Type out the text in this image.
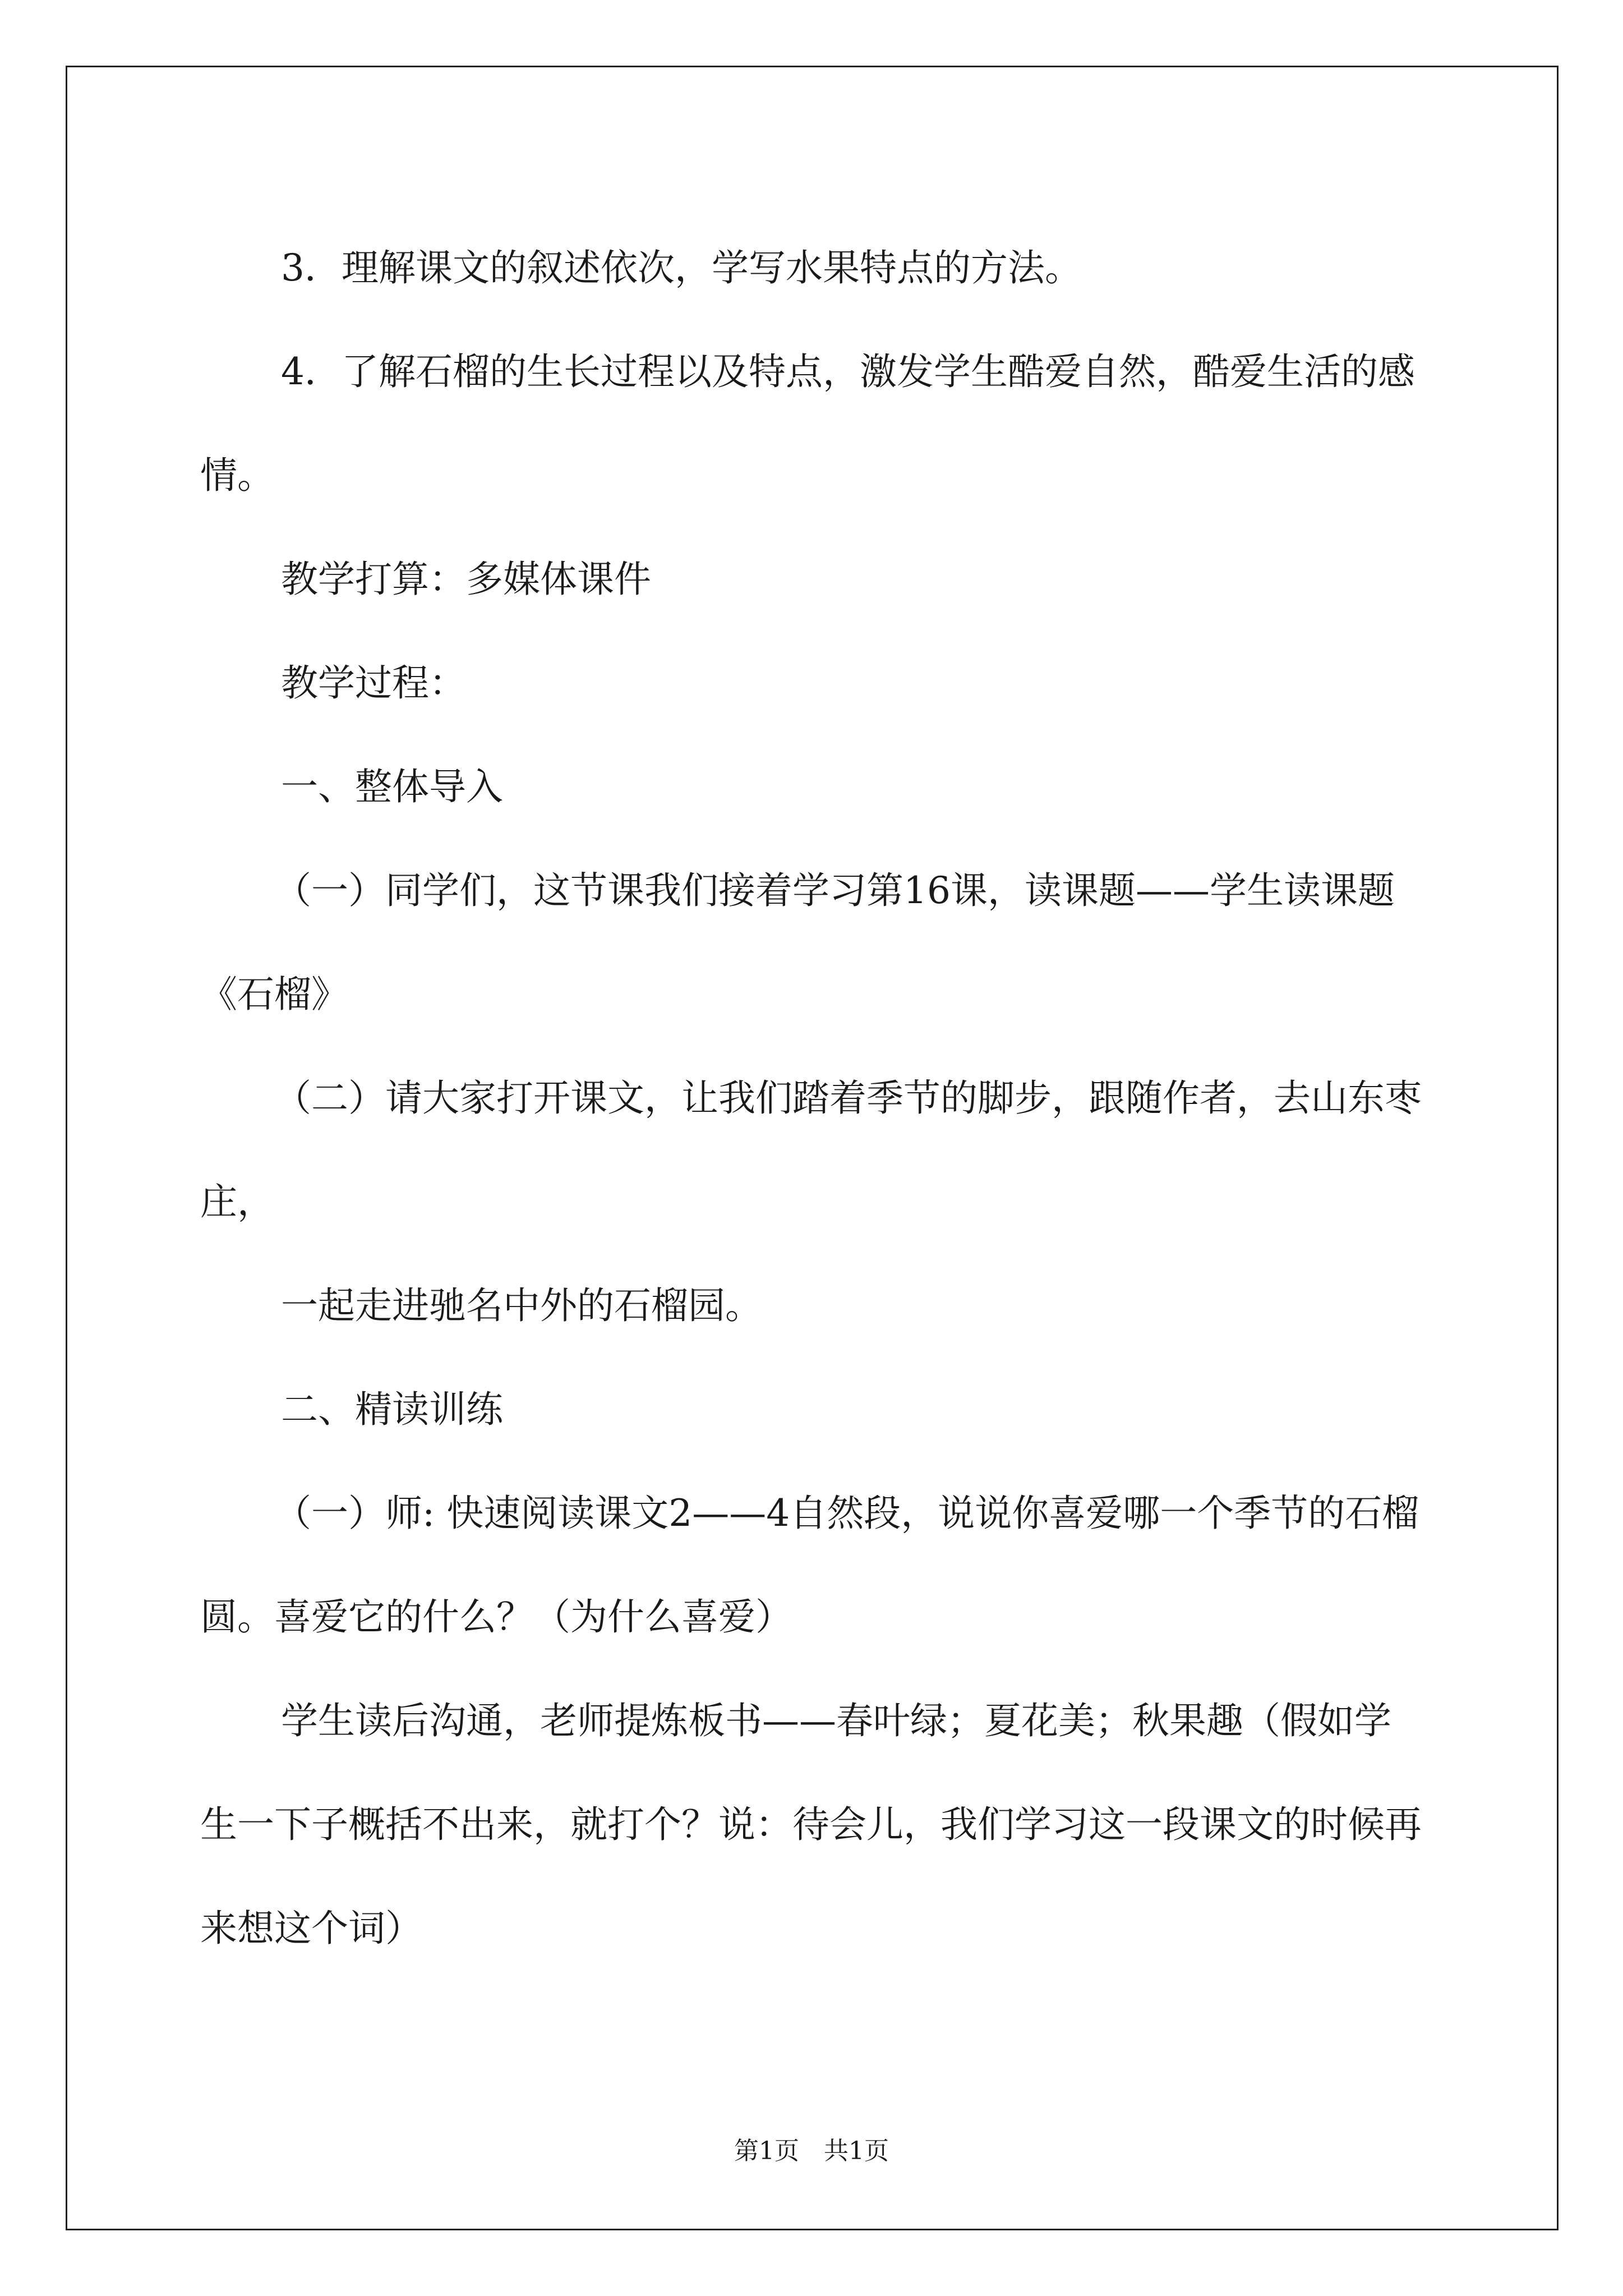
3．理解课文的叙述依次，学写水果特点的方法。

4．了解石榴的生长过程以及特点，激发学生酷爱自然，酷爱生活的感情。

教学打算：多媒体课件

教学过程：

一、整体导入

（一）同学们，这节课我们接着学习第16课，读课题——学生读课题《石榴》

（二）请大家打开课文，让我们踏着季节的脚步，跟随作者，去山东枣庄，

一起走进驰名中外的石榴园。

二、精读训练

（一）师: 快速阅读课文2——4自然段，说说你喜爱哪一个季节的石榴圆。喜爱它的什么？（为什么喜爱）

学生读后沟通，老师提炼板书——春叶绿；夏花美；秋果趣（假如学生一下子概括不出来，就打个？说：待会儿，我们学习这一段课文的时候再来想这个词）

第1页　共1页
